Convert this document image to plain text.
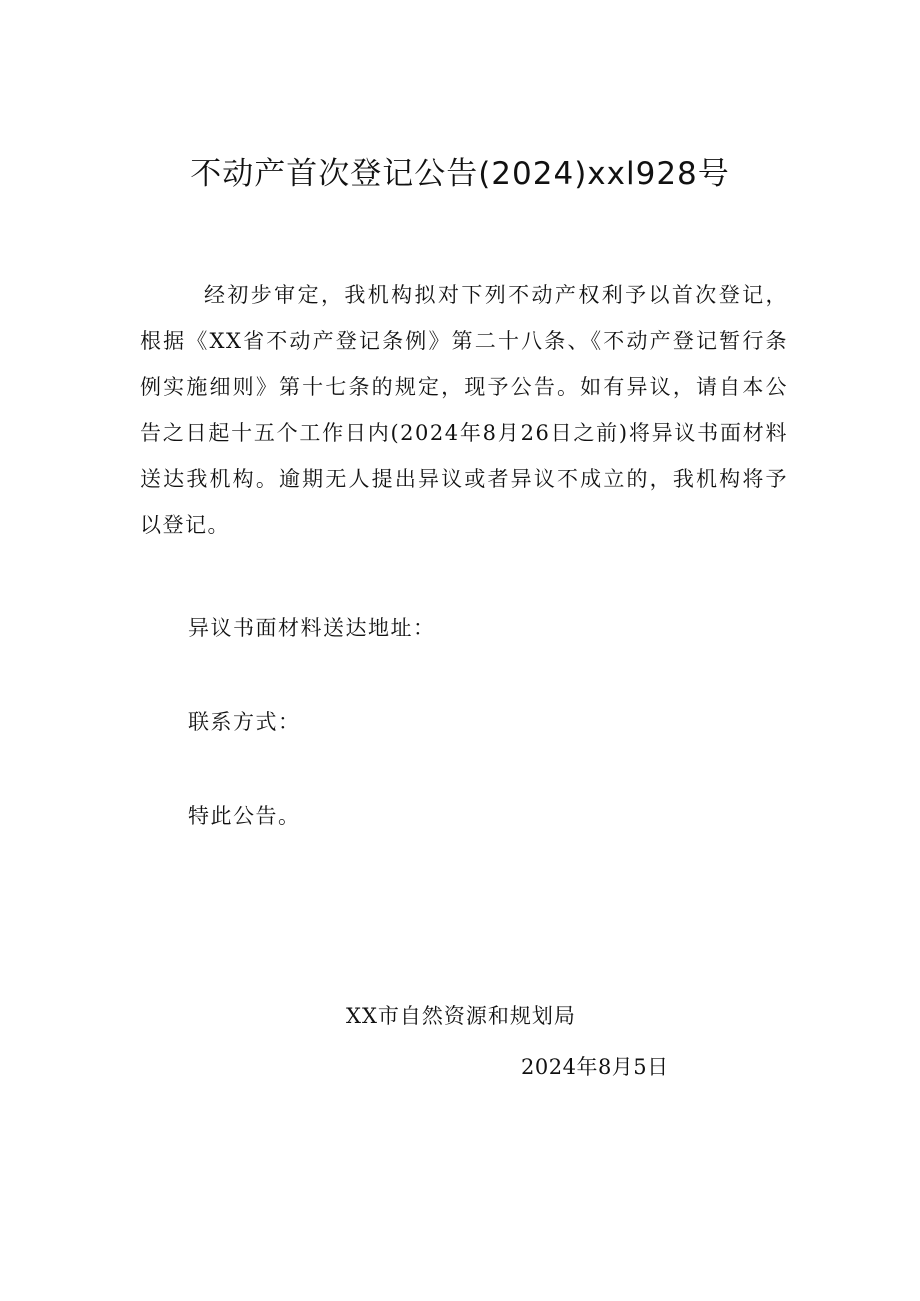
不动产首次登记公告(2024)xxl928号

经初步审定，我机构拟对下列不动产权利予以首次登记，根据《XX省不动产登记条例》第二十八条、《不动产登记暂行条例实施细则》第十七条的规定，现予公告。如有异议，请自本公告之日起十五个工作日内(2024年8月26日之前)将异议书面材料送达我机构。逾期无人提出异议或者异议不成立的，我机构将予以登记。

异议书面材料送达地址：
联系方式：
特此公告。
XX市自然资源和规划局
2024年8月5日
